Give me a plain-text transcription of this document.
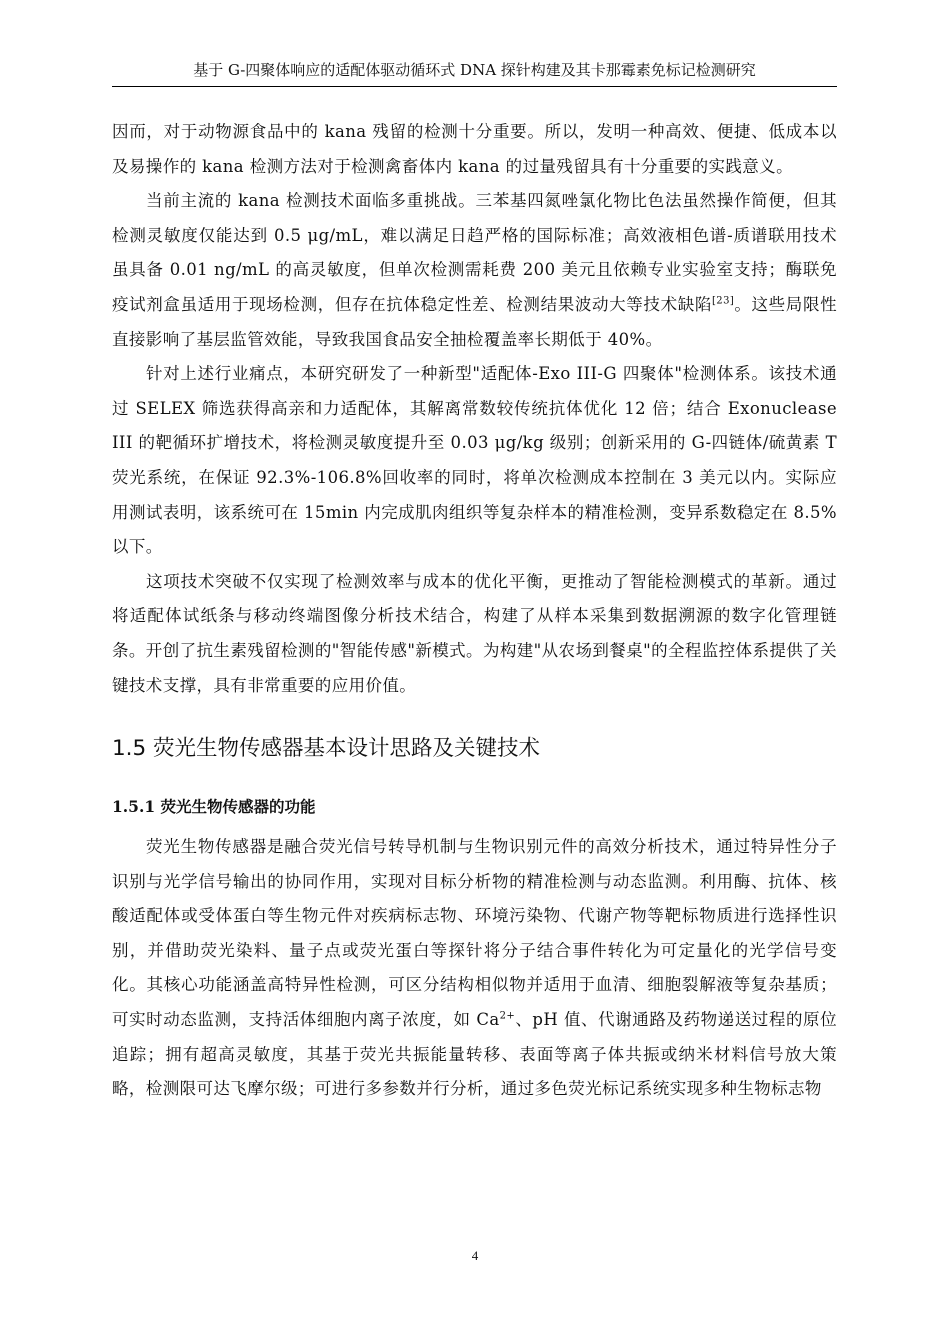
基于 G-四聚体响应的适配体驱动循环式 DNA 探针构建及其卡那霉素免标记检测研究

因而，对于动物源食品中的 kana 残留的检测十分重要。所以，发明一种高效、便捷、低成本以及易操作的 kana 检测方法对于检测禽畜体内 kana 的过量残留具有十分重要的实践意义。

当前主流的 kana 检测技术面临多重挑战。三苯基四氮唑氯化物比色法虽然操作简便，但其检测灵敏度仅能达到 0.5 μg/mL，难以满足日趋严格的国际标准；高效液相色谱-质谱联用技术虽具备 0.01 ng/mL 的高灵敏度，但单次检测需耗费 200 美元且依赖专业实验室支持；酶联免疫试剂盒虽适用于现场检测，但存在抗体稳定性差、检测结果波动大等技术缺陷[23]。这些局限性直接影响了基层监管效能，导致我国食品安全抽检覆盖率长期低于 40%。

针对上述行业痛点，本研究研发了一种新型"适配体-Exo III-G 四聚体"检测体系。该技术通过 SELEX 筛选获得高亲和力适配体，其解离常数较传统抗体优化 12 倍；结合 Exonuclease III 的靶循环扩增技术，将检测灵敏度提升至 0.03 μg/kg 级别；创新采用的 G-四链体/硫黄素 T 荧光系统，在保证 92.3%-106.8%回收率的同时，将单次检测成本控制在 3 美元以内。实际应用测试表明，该系统可在 15min 内完成肌肉组织等复杂样本的精准检测，变异系数稳定在 8.5%以下。

这项技术突破不仅实现了检测效率与成本的优化平衡，更推动了智能检测模式的革新。通过将适配体试纸条与移动终端图像分析技术结合，构建了从样本采集到数据溯源的数字化管理链条。开创了抗生素残留检测的"智能传感"新模式。为构建"从农场到餐桌"的全程监控体系提供了关键技术支撑，具有非常重要的应用价值。

1.5 荧光生物传感器基本设计思路及关键技术
1.5.1 荧光生物传感器的功能

荧光生物传感器是融合荧光信号转导机制与生物识别元件的高效分析技术，通过特异性分子识别与光学信号输出的协同作用，实现对目标分析物的精准检测与动态监测。利用酶、抗体、核酸适配体或受体蛋白等生物元件对疾病标志物、环境污染物、代谢产物等靶标物质进行选择性识别，并借助荧光染料、量子点或荧光蛋白等探针将分子结合事件转化为可定量化的光学信号变化。其核心功能涵盖高特异性检测，可区分结构相似物并适用于血清、细胞裂解液等复杂基质；可实时动态监测，支持活体细胞内离子浓度，如 $Ca^{2+}$、pH 值、代谢通路及药物递送过程的原位追踪；拥有超高灵敏度，其基于荧光共振能量转移、表面等离子体共振或纳米材料信号放大策略，检测限可达飞摩尔级；可进行多参数并行分析，通过多色荧光标记系统实现多种生物标志物

4
